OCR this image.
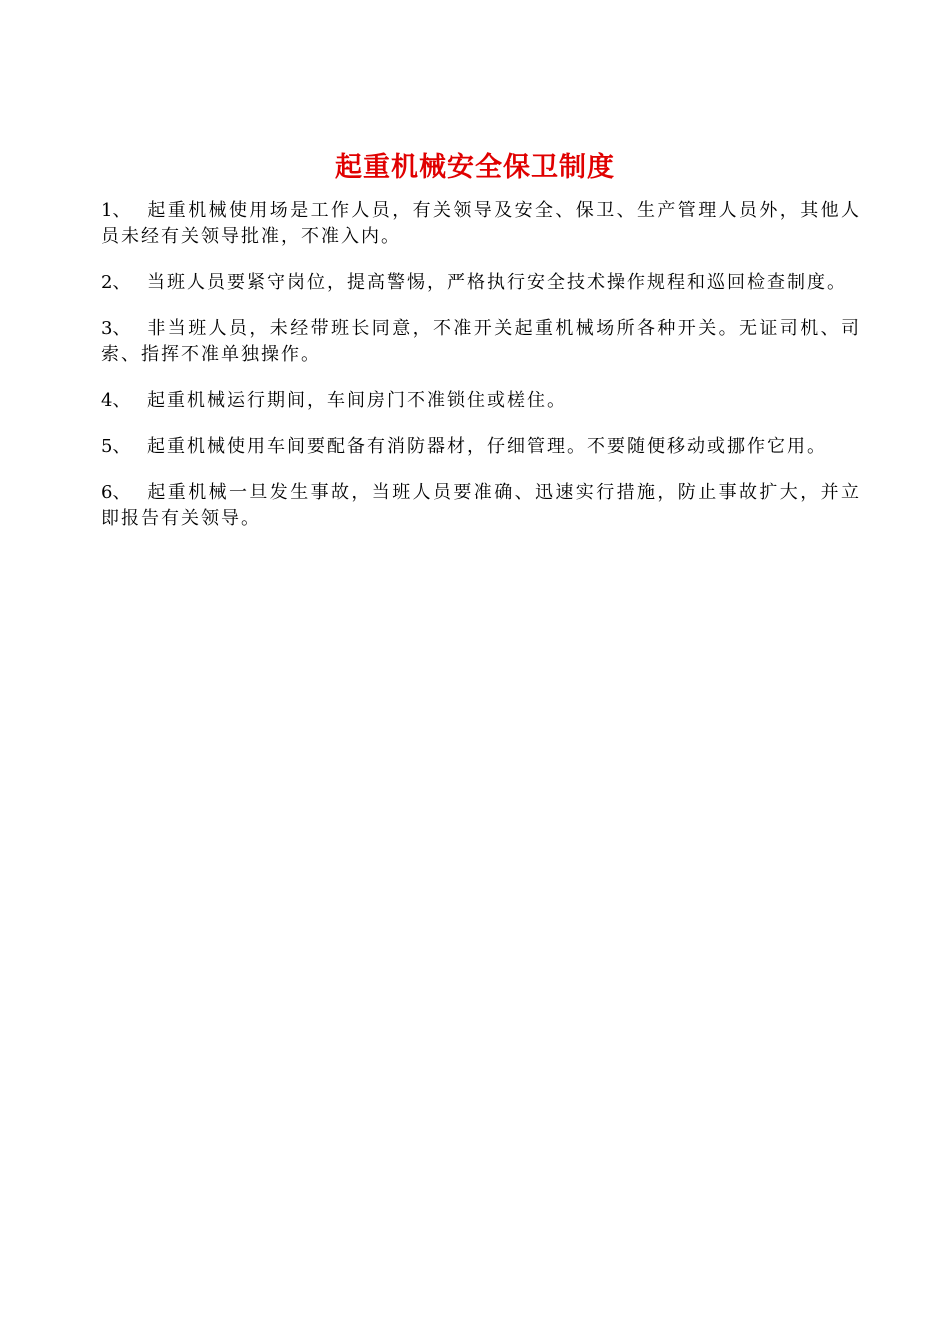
起重机械安全保卫制度

1、 起重机械使用场是工作人员，有关领导及安全、保卫、生产管理人员外，其他人员未经有关领导批准，不准入内。

2、 当班人员要紧守岗位，提高警惕，严格执行安全技术操作规程和巡回检查制度。

3、 非当班人员，未经带班长同意，不准开关起重机械场所各种开关。无证司机、司索、指挥不准单独操作。

4、 起重机械运行期间，车间房门不准锁住或槎住。

5、 起重机械使用车间要配备有消防器材，仔细管理。不要随便移动或挪作它用。

6、 起重机械一旦发生事故，当班人员要准确、迅速实行措施，防止事故扩大，并立即报告有关领导。
